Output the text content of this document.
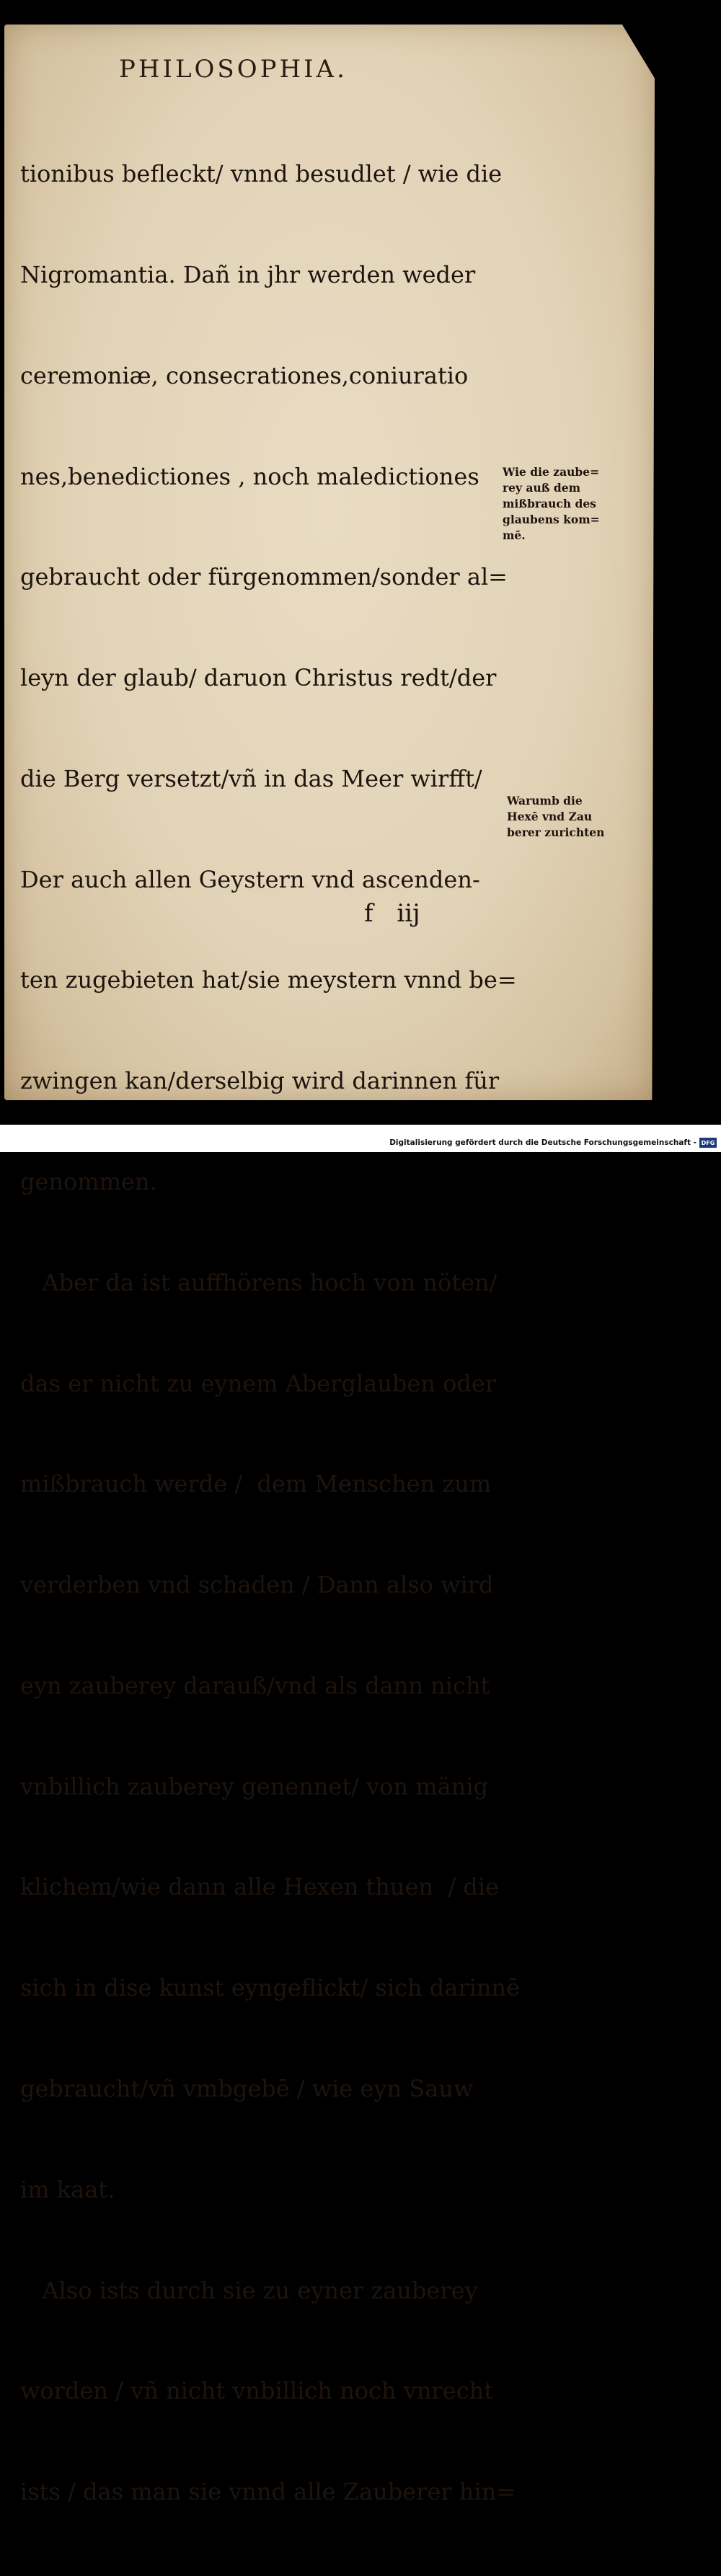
PHILOSOPHIA.

tionibus befleckt/ vnnd besudlet / wie die

Nigromantia. Dañ in jhr werden weder

ceremoniæ, consecrationes,coniuratio

nes,benedictiones , noch maledictiones

gebraucht oder fürgenommen/sonder al=

leyn der glaub/ daruon Christus redt/der

die Berg versetzt/vñ in das Meer wirfft/

Der auch allen Geystern vnd ascenden-

ten zugebieten hat/sie meystern vnnd be=

zwingen kan/derselbig wird darinnen für

genommen.

Aber da ist auffhörens hoch von nöten/

das er nicht zu eynem Aberglauben oder

mißbrauch werde /  dem Menschen zum

verderben vnd schaden / Dann also wird

eyn zauberey darauß/vnd als dann nicht

vnbillich zauberey genennet/ von mänig

klichem/wie dann alle Hexen thuen  / die

sich in dise kunst eyngeflickt/ sich darinnē

gebraucht/vñ vmbgebē / wie eyn Sauw

im kaat.

Also ists durch sie zu eyner zauberey

worden / vñ nicht vnbillich noch vnrecht

ists / das man sie vnnd alle Zauberer hin=

Wie die zaube=
rey auß dem
mißbrauch des
glaubens kom=
mē.
Warumb die
Hexē vnd Zau
berer zurichten
f iij
Digitalisierung gefördert durch die Deutsche Forschungsgemeinschaft - DFG
